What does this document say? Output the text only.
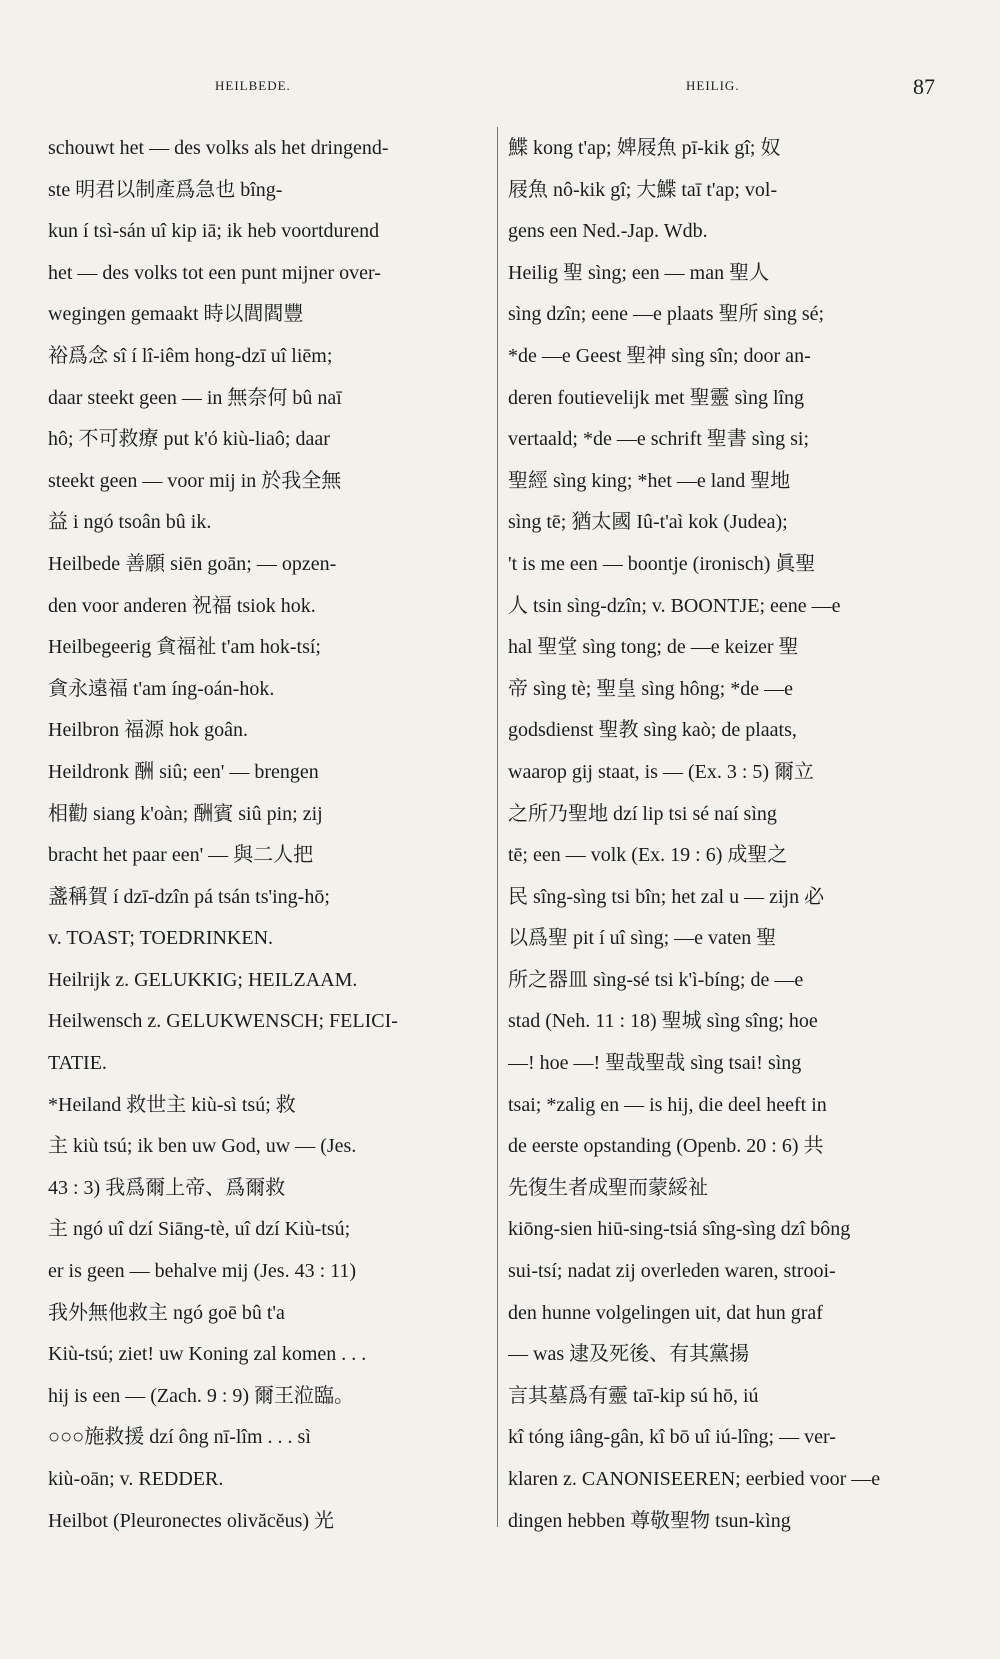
HEILBEDE.	HEILIG.	87
schouwt het — des volks als het dringend-
ste 明君以制產爲急也 bîng-
kun í tsì-sán uî kip iā; ik heb voortdurend
het — des volks tot een punt mijner over-
wegingen gemaakt 時以閭閻豐
裕爲念 sî í lî-iêm hong-dzī uî liēm;
daar steekt geen — in 無奈何 bû naī
hô; 不可救療 put k'ó kiù-liaô; daar
steekt geen — voor mij in 於我全無
益 i ngó tsoân bû ik.
Heilbede 善願 siēn goān; — opzen-
den voor anderen 祝福 tsiok hok.
Heilbegeerig 貪福祉 t'am hok-tsí;
貪永遠福 t'am íng-oán-hok.
Heilbron 福源 hok goân.
Heildronk 酬 siû; een' — brengen
相勸 siang k'oàn; 酬賓 siû pin; zij
bracht het paar een' — 與二人把
盞稱賀 í dzī-dzîn pá tsán ts'ing-hō;
v. TOAST; TOEDRINKEN.
Heilrijk z. GELUKKIG; HEILZAAM.
Heilwensch z. GELUKWENSCH; FELICI-
TATIE.
*Heiland 救世主 kiù-sì tsú; 救
主 kiù tsú; ik ben uw God, uw — (Jes.
43 : 3) 我爲爾上帝、爲爾救
主 ngó uî dzí Siāng-tè, uî dzí Kiù-tsú;
er is geen — behalve mij (Jes. 43 : 11)
我外無他救主 ngó goē bû t'a
Kiù-tsú; ziet! uw Koning zal komen . . .
hij is een — (Zach. 9 : 9) 爾王涖臨。
○○○施救援 dzí ông nī-lîm . . . sì
kiù-oān; v. REDDER.
Heilbot (Pleuronectes olivăcĕus) 光
鰈 kong t'ap; 婢屐魚 pī-kik gî; 奴
屐魚 nô-kik gî; 大鰈 taī t'ap; vol-
gens een Ned.-Jap. Wdb.
Heilig 聖 sìng; een — man 聖人
sìng dzîn; eene —e plaats 聖所 sìng sé;
*de —e Geest 聖神 sìng sîn; door an-
deren foutievelijk met 聖靈 sìng lîng
vertaald; *de —e schrift 聖書 sìng si;
聖經 sìng king; *het —e land 聖地
sìng tē; 猶太國 Iû-t'aì kok (Judea);
't is me een — boontje (ironisch) 眞聖
人 tsin sìng-dzîn; v. BOONTJE; eene —e
hal 聖堂 sìng tong; de —e keizer 聖
帝 sìng tè; 聖皇 sìng hông; *de —e
godsdienst 聖教 sìng kaò; de plaats,
waarop gij staat, is — (Ex. 3 : 5) 爾立
之所乃聖地 dzí lip tsi sé naí sìng
tē; een — volk (Ex. 19 : 6) 成聖之
民 sîng-sìng tsi bîn; het zal u — zijn 必
以爲聖 pit í uî sìng; —e vaten 聖
所之器皿 sìng-sé tsi k'ì-bíng; de —e
stad (Neh. 11 : 18) 聖城 sìng sîng; hoe
—! hoe —! 聖哉聖哉 sìng tsai! sìng
tsai; *zalig en — is hij, die deel heeft in
de eerste opstanding (Openb. 20 : 6) 共
先復生者成聖而蒙綏祉
kiōng-sien hiū-sing-tsiá sîng-sìng dzî bông
sui-tsí; nadat zij overleden waren, strooi-
den hunne volgelingen uit, dat hun graf
— was 逮及死後、有其黨揚
言其墓爲有靈 taī-kip sú hō, iú
kî tóng iâng-gân, kî bō uî iú-lîng; — ver-
klaren z. CANONISEEREN; eerbied voor —e
dingen hebben 尊敬聖物 tsun-kìng
